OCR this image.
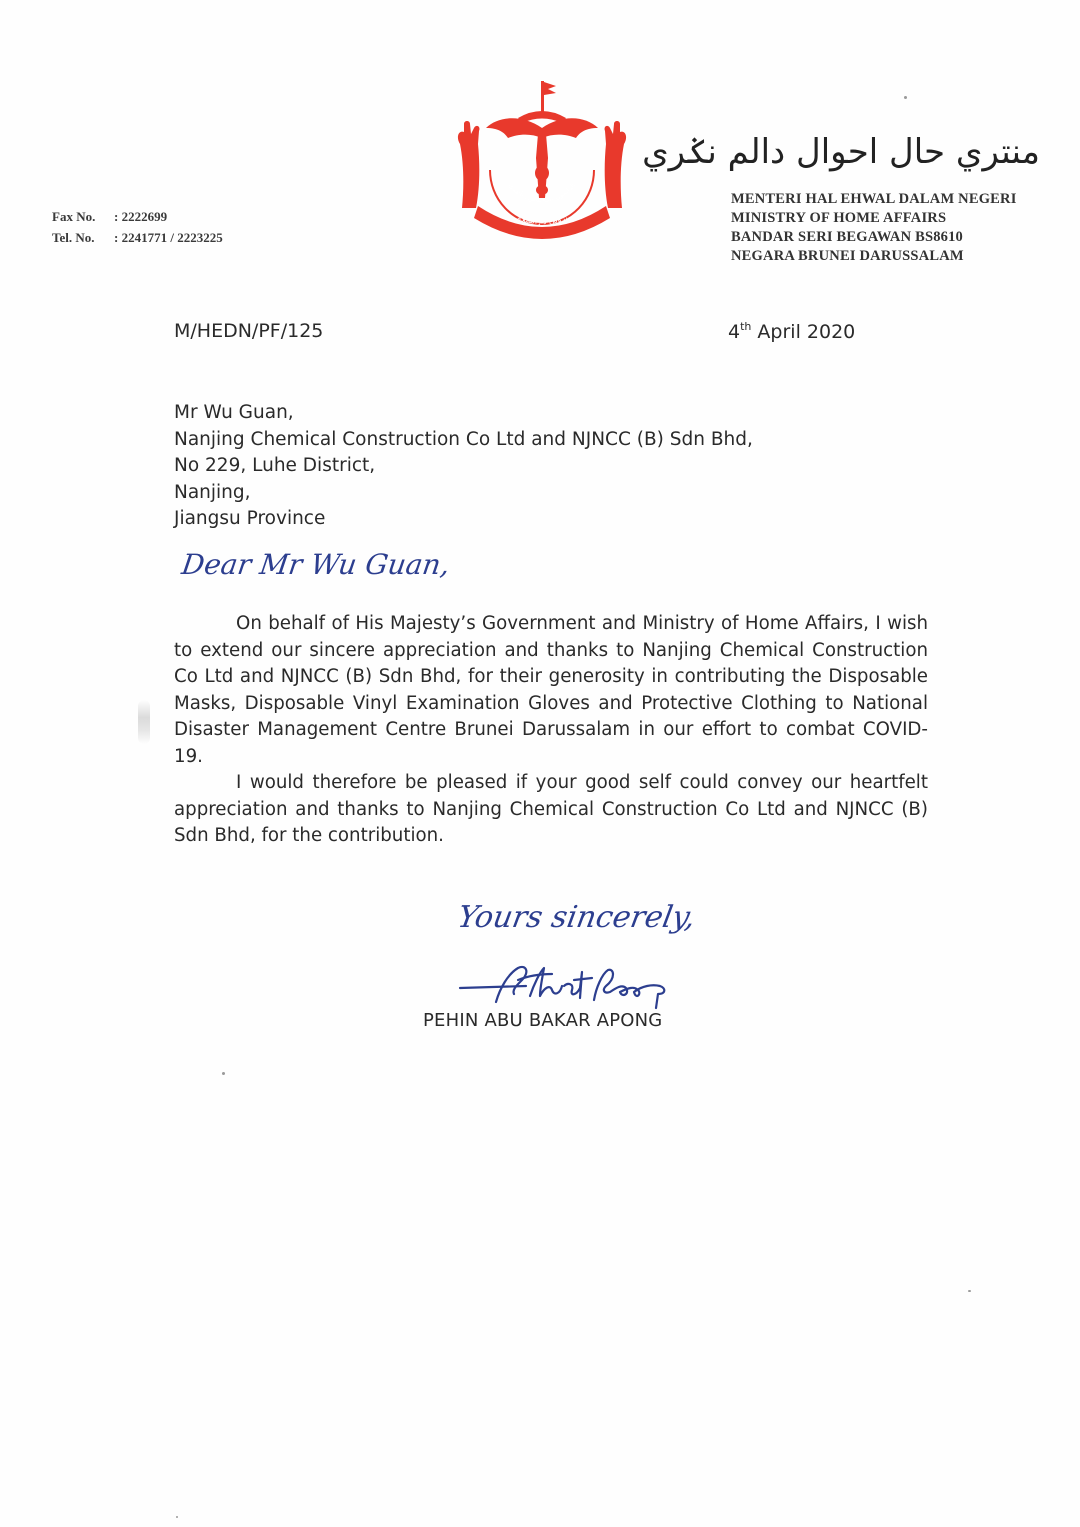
Fax No. : 2222699
Tel. No. : 2241771 / 2223225
الدائمون المحسنون بالهدى
بروني دارالسلام
منتري حال احوال دالم نݢري
MENTERI HAL EHWAL DALAM NEGERI
MINISTRY OF HOME AFFAIRS
BANDAR SERI BEGAWAN BS8610
NEGARA BRUNEI DARUSSALAM
M/HEDN/PF/125	4th April 2020
Mr Wu Guan,
Nanjing Chemical Construction Co Ltd and NJNCC (B) Sdn Bhd,
No 229, Luhe District,
Nanjing,
Jiangsu Province
Dear Mr Wu Guan,

On behalf of His Majesty’s Government and Ministry of Home Affairs, I wish to extend our sincere appreciation and thanks to Nanjing Chemical Construction Co Ltd and NJNCC (B) Sdn Bhd, for their generosity in contributing the Disposable Masks, Disposable Vinyl Examination Gloves and Protective Clothing to National Disaster Management Centre Brunei Darussalam in our effort to combat COVID-19.

I would therefore be pleased if your good self could convey our heartfelt appreciation and thanks to Nanjing Chemical Construction Co Ltd and NJNCC (B) Sdn Bhd, for the contribution.

Yours sincerely,
PEHIN ABU BAKAR APONG
